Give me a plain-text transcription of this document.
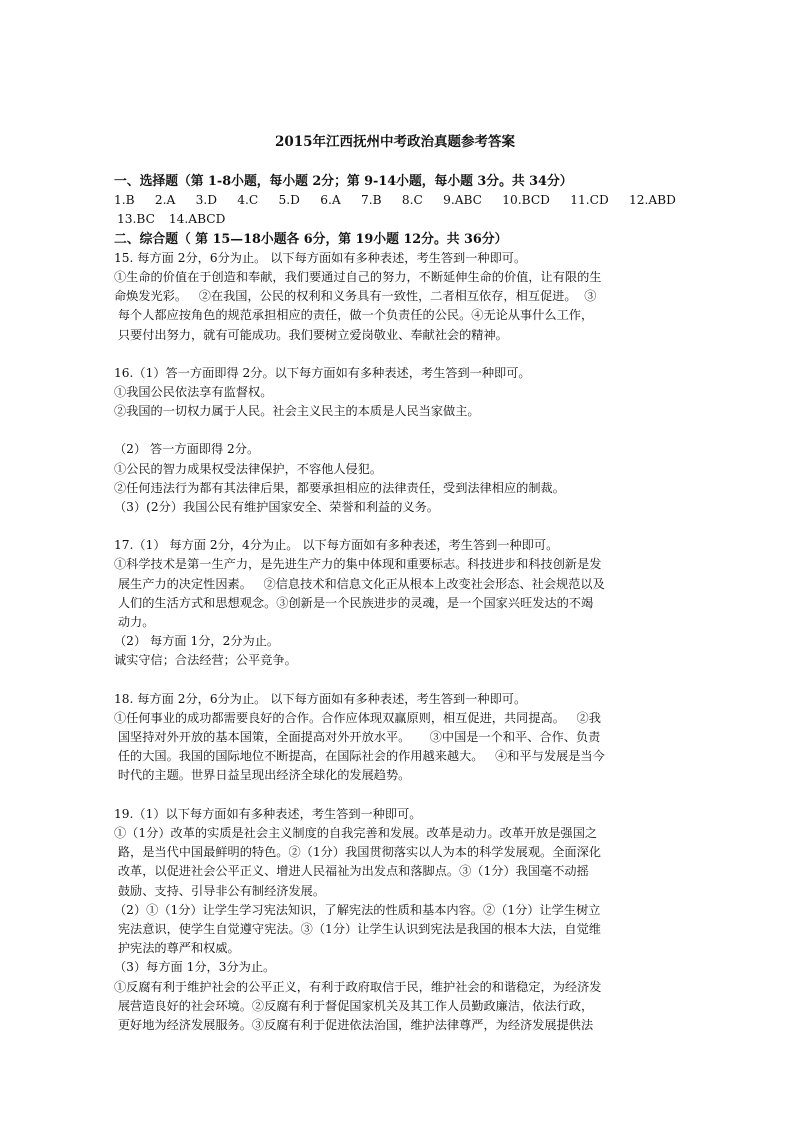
2015年江西抚州中考政治真题参考答案
一、选择题（第 1-8小题，每小题 2分；第 9-14小题，每小题 3分。共 34分）
1.B 2.A 3.D 4.C 5.D 6.A 7.B 8.C 9.ABC 10.BCD 11.CD 12.ABD
13.BC 14.ABCD
二、综合题（ 第 15—18小题各 6分，第 19小题 12分。共 36分）
15. 每方面 2分，6分为止。 以下每方面如有多种表述，考生答到一种即可。
①生命的价值在于创造和奉献，我们要通过自己的努力，不断延伸生命的价值，让有限的生
命焕发光彩。   ②在我国，公民的权利和义务具有一致性，二者相互依存，相互促进。  ③
每个人都应按角色的规范承担相应的责任，做一个负责任的公民。④无论从事什么工作，
只要付出努力，就有可能成功。我们要树立爱岗敬业、奉献社会的精神。
16.（1）答一方面即得 2分。以下每方面如有多种表述，考生答到一种即可。
①我国公民依法享有监督权。
②我国的一切权力属于人民。社会主义民主的本质是人民当家做主。
（2） 答一方面即得 2分。
①公民的智力成果权受法律保护，不容他人侵犯。
②任何违法行为都有其法律后果，都要承担相应的法律责任，受到法律相应的制裁。
（3）(2分）我国公民有维护国家安全、荣誉和利益的义务。
17.（1） 每方面 2分，4分为止。 以下每方面如有多种表述，考生答到一种即可。
①科学技术是第一生产力，是先进生产力的集中体现和重要标志。科技进步和科技创新是发
展生产力的决定性因素。   ②信息技术和信息文化正从根本上改变社会形态、社会规范以及
人们的生活方式和思想观念。③创新是一个民族进步的灵魂，是一个国家兴旺发达的不竭
动力。
（2） 每方面 1分，2分为止。
诚实守信；合法经营；公平竞争。
18. 每方面 2分，6分为止。 以下每方面如有多种表述，考生答到一种即可。
①任何事业的成功都需要良好的合作。合作应体现双赢原则，相互促进，共同提高。   ②我
国坚持对外开放的基本国策，全面提高对外开放水平。     ③中国是一个和平、合作、负责
任的大国。我国的国际地位不断提高，在国际社会的作用越来越大。   ④和平与发展是当今
时代的主题。世界日益呈现出经济全球化的发展趋势。
19.（1）以下每方面如有多种表述，考生答到一种即可。
①（1分）改革的实质是社会主义制度的自我完善和发展。改革是动力。改革开放是强国之
路，是当代中国最鲜明的特色。②（1分）我国贯彻落实以人为本的科学发展观。全面深化
改革，以促进社会公平正义、增进人民福祉为出发点和落脚点。③（1分）我国毫不动摇
鼓励、支持、引导非公有制经济发展。
（2）①（1分）让学生学习宪法知识，了解宪法的性质和基本内容。②（1分）让学生树立
宪法意识，使学生自觉遵守宪法。③（1分）让学生认识到宪法是我国的根本大法，自觉维
护宪法的尊严和权威。
（3）每方面 1分，3分为止。
①反腐有利于维护社会的公平正义，有利于政府取信于民，维护社会的和谐稳定，为经济发
展营造良好的社会环境。②反腐有利于督促国家机关及其工作人员勤政廉洁，依法行政，
更好地为经济发展服务。③反腐有利于促进依法治国，维护法律尊严，为经济发展提供法
